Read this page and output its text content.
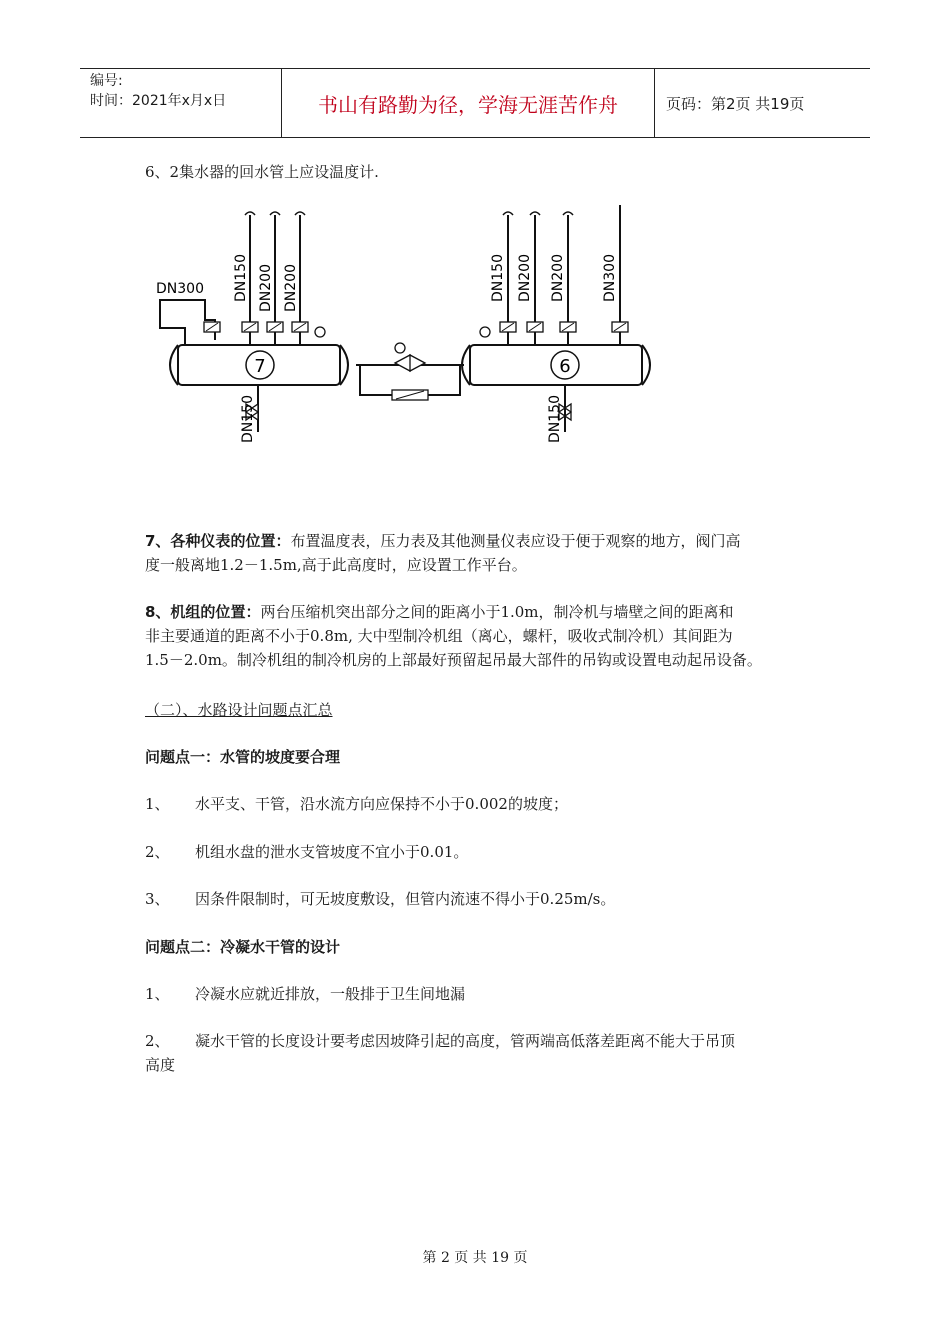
编号:
时间：2021年x月x日	书山有路勤为径，学海无涯苦作舟	页码：第2页 共19页
6、2集水器的回水管上应设温度计.
7	6
DN300 DN150 DN200 DN200
DN150
DN150 DN200 DN200	DN300
DN150
7、各种仪表的位置：布置温度表，压力表及其他测量仪表应设于便于观察的地方，阀门高
度一般离地1.2－1.5m,高于此高度时，应设置工作平台。
8、机组的位置：两台压缩机突出部分之间的距离小于1.0m，制冷机与墙壁之间的距离和
非主要通道的距离不小于0.8m, 大中型制冷机组（离心，螺杆，吸收式制冷机）其间距为
1.5－2.0m。制冷机组的制冷机房的上部最好预留起吊最大部件的吊钩或设置电动起吊设备。
（二）、水路设计问题点汇总
问题点一：水管的坡度要合理
1、 水平支、干管，沿水流方向应保持不小于0.002的坡度；
2、 机组水盘的泄水支管坡度不宜小于0.01。
3、 因条件限制时，可无坡度敷设，但管内流速不得小于0.25m/s。
问题点二：冷凝水干管的设计
1、 冷凝水应就近排放，一般排于卫生间地漏
2、 凝水干管的长度设计要考虑因坡降引起的高度，管两端高低落差距离不能大于吊顶
高度
第 2 页 共 19 页
